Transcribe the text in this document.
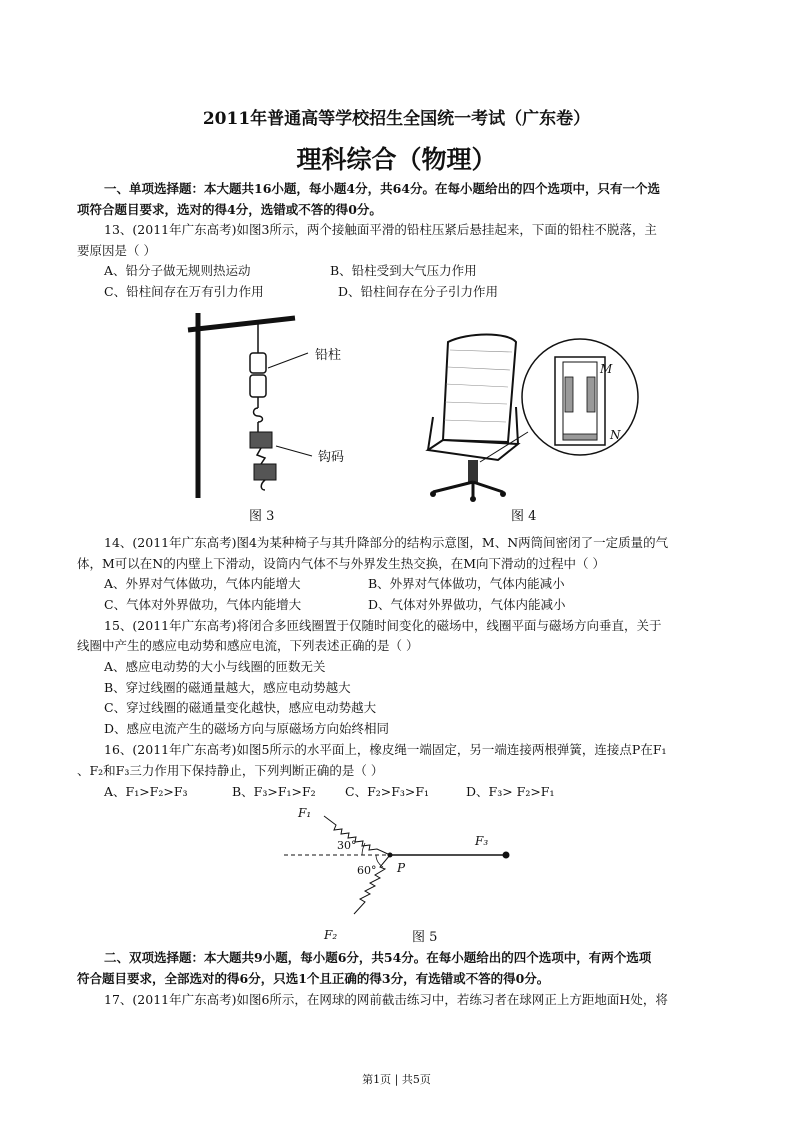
2011年普通高等学校招生全国统一考试（广东卷）
理科综合（物理）
一、单项选择题：本大题共16小题，每小题4分，共64分。在每小题给出的四个选项中，只有一个选
项符合题目要求，选对的得4分，选错或不答的得0分。
13、(2011年广东高考)如图3所示，两个接触面平滑的铅柱压紧后悬挂起来，下面的铅柱不脱落，主
要原因是（ ）
A、铅分子做无规则热运动	B、铅柱受到大气压力作用
C、铅柱间存在万有引力作用	D、铅柱间存在分子引力作用
铅柱
钩码
图 3
M
N
图 4
14、(2011年广东高考)图4为某种椅子与其升降部分的结构示意图，M、N两筒间密闭了一定质量的气
体，M可以在N的内壁上下滑动，设筒内气体不与外界发生热交换，在M向下滑动的过程中（ ）
A、外界对气体做功，气体内能增大	B、外界对气体做功，气体内能减小
C、气体对外界做功，气体内能增大	D、气体对外界做功，气体内能减小
15、(2011年广东高考)将闭合多匝线圈置于仅随时间变化的磁场中，线圈平面与磁场方向垂直，关于
线圈中产生的感应电动势和感应电流，下列表述正确的是（ ）
A、感应电动势的大小与线圈的匝数无关
B、穿过线圈的磁通量越大，感应电动势越大
C、穿过线圈的磁通量变化越快，感应电动势越大
D、感应电流产生的磁场方向与原磁场方向始终相同
16、(2011年广东高考)如图5所示的水平面上，橡皮绳一端固定，另一端连接两根弹簧，连接点P在F₁
、F₂和F₃三力作用下保持静止，下列判断正确的是（ ）
A、F₁>F₂>F₃	B、F₃>F₁>F₂ C、F₂>F₃>F₁	D、F₃> F₂>F₁
F₁
F₃
30°
60° P
F₂	图 5
二、双项选择题：本大题共9小题，每小题6分，共54分。在每小题给出的四个选项中，有两个选项
符合题目要求，全部选对的得6分，只选1个且正确的得3分，有选错或不答的得0分。
17、(2011年广东高考)如图6所示，在网球的网前截击练习中，若练习者在球网正上方距地面H处，将
第1页 | 共5页
